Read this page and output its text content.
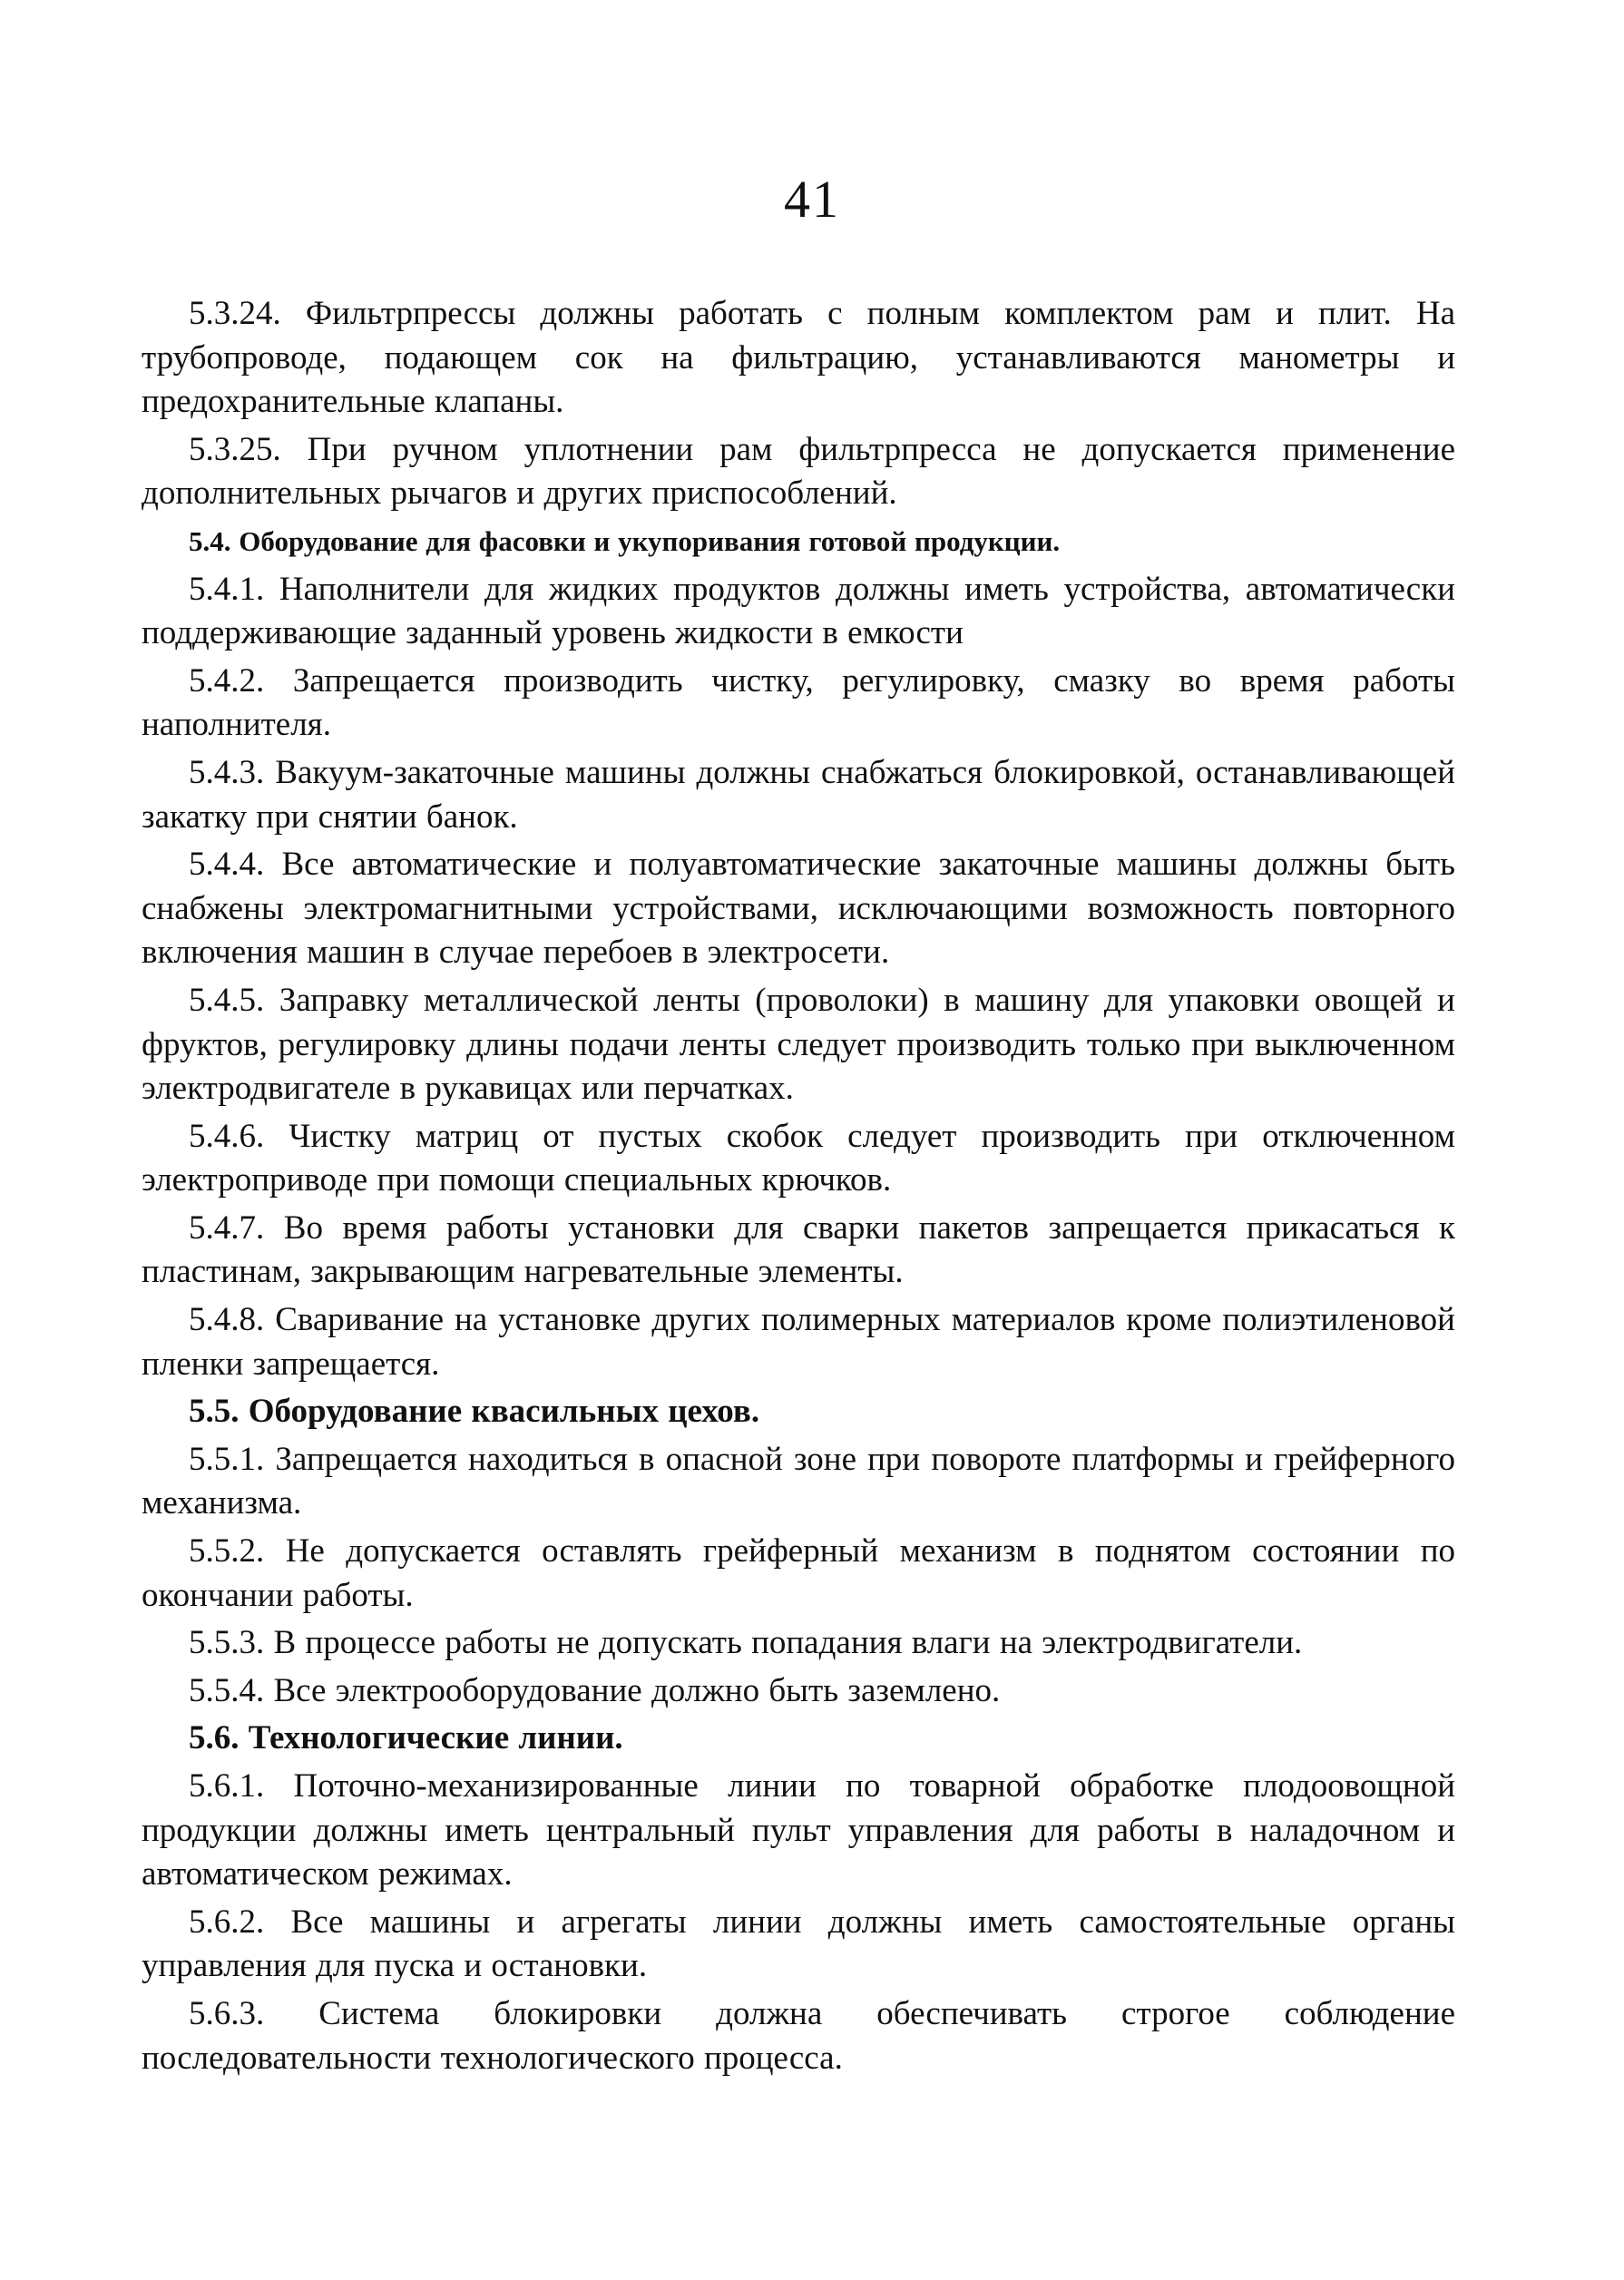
41

5.3.24. Фильтрпрессы должны работать с полным комплектом рам и плит. На трубопроводе, подающем сок на фильтрацию, устанавливаются манометры и предохранительные клапаны.

5.3.25. При ручном уплотнении рам фильтрпресса не допускается применение дополнительных рычагов и других приспособлений.

5.4. Оборудование для фасовки и укупоривания готовой продукции.

5.4.1. Наполнители для жидких продуктов должны иметь устройства, автоматически поддерживающие заданный уровень жидкости в емкости

5.4.2. Запрещается производить чистку, регулировку, смазку во время работы наполнителя.

5.4.3. Вакуум-закаточные машины должны снабжаться блокировкой, останавливающей закатку при снятии банок.

5.4.4. Все автоматические и полуавтоматические закаточные машины должны быть снабжены электромагнитными устройствами, исключающими возможность повторного включения машин в случае перебоев в электросети.

5.4.5. Заправку металлической ленты (проволоки) в машину для упаковки овощей и фруктов, регулировку длины подачи ленты следует производить только при выключенном электродвигателе в рукавицах или перчатках.

5.4.6. Чистку матриц от пустых скобок следует производить при отключенном электроприводе при помощи специальных крючков.

5.4.7. Во время работы установки для сварки пакетов запрещается прикасаться к пластинам, закрывающим нагревательные элементы.

5.4.8. Сваривание на установке других полимерных материалов кроме полиэтиленовой пленки запрещается.

5.5. Оборудование квасильных цехов.

5.5.1. Запрещается находиться в опасной зоне при повороте платформы и грейферного механизма.

5.5.2. Не допускается оставлять грейферный механизм в поднятом состоянии по окончании работы.

5.5.3. В процессе работы не допускать попадания влаги на электродвигатели.

5.5.4. Все электрооборудование должно быть заземлено.

5.6. Технологические линии.

5.6.1. Поточно-механизированные линии по товарной обработке плодоовощной продукции должны иметь центральный пульт управления для работы в наладочном и автоматическом режимах.

5.6.2. Все машины и агрегаты линии должны иметь самостоятельные органы управления для пуска и остановки.

5.6.3. Система блокировки должна обеспечивать строгое соблюдение последовательности технологического процесса.
